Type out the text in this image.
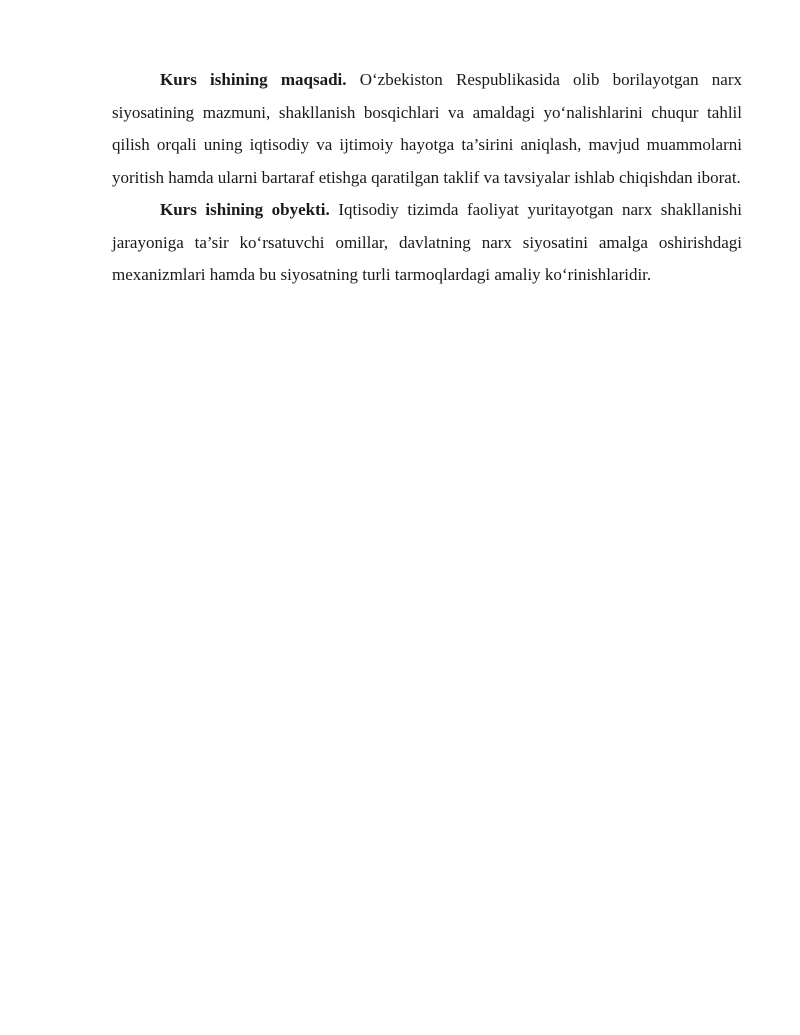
Kurs ishining maqsadi. O‘zbekiston Respublikasida olib borilayotgan narx siyosatining mazmuni, shakllanish bosqichlari va amaldagi yo‘nalishlarini chuqur tahlil qilish orqali uning iqtisodiy va ijtimoiy hayotga ta’sirini aniqlash, mavjud muammolarni yoritish hamda ularni bartaraf etishga qaratilgan taklif va tavsiyalar ishlab chiqishdan iborat.

Kurs ishining obyekti. Iqtisodiy tizimda faoliyat yuritayotgan narx shakllanishi jarayoniga ta’sir ko‘rsatuvchi omillar, davlatning narx siyosatini amalga oshirishdagi mexanizmlari hamda bu siyosatning turli tarmoqlardagi amaliy ko‘rinishlaridir.
